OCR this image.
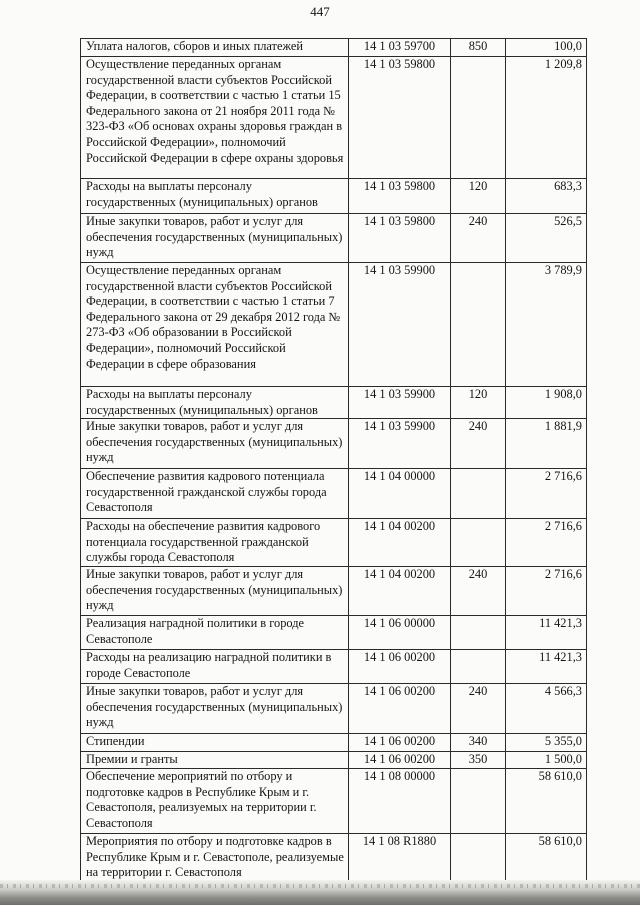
447
Уплата налогов, сборов и иных платежей	14 1 03 59700	850	100,0
Осуществление переданных органам государственной власти субъектов Российской Федерации, в соответствии с частью 1 статьи 15 Федерального закона от 21 ноября 2011 года № 323-ФЗ «Об основах охраны здоровья граждан в Российской Федерации», полномочий Российской Федерации в сфере охраны здоровья	14 1 03 59800		1 209,8
Расходы на выплаты персоналу государственных (муниципальных) органов	14 1 03 59800	120	683,3
Иные закупки товаров, работ и услуг для обеспечения государственных (муниципальных) нужд	14 1 03 59800	240	526,5
Осуществление переданных органам государственной власти субъектов Российской Федерации, в соответствии с частью 1 статьи 7 Федерального закона от 29 декабря 2012 года № 273-ФЗ «Об образовании в Российской Федерации», полномочий Российской Федерации в сфере образования	14 1 03 59900		3 789,9
Расходы на выплаты персоналу государственных (муниципальных) органов	14 1 03 59900	120	1 908,0
Иные закупки товаров, работ и услуг для обеспечения государственных (муниципальных) нужд	14 1 03 59900	240	1 881,9
Обеспечение развития кадрового потенциала государственной гражданской службы города Севастополя	14 1 04 00000		2 716,6
Расходы на обеспечение развития кадрового потенциала государственной гражданской службы города Севастополя	14 1 04 00200		2 716,6
Иные закупки товаров, работ и услуг для обеспечения государственных (муниципальных) нужд	14 1 04 00200	240	2 716,6
Реализация наградной политики в городе Севастополе	14 1 06 00000		11 421,3
Расходы на реализацию наградной политики в городе Севастополе	14 1 06 00200		11 421,3
Иные закупки товаров, работ и услуг для обеспечения государственных (муниципальных) нужд	14 1 06 00200	240	4 566,3
Стипендии	14 1 06 00200	340	5 355,0
Премии и гранты	14 1 06 00200	350	1 500,0
Обеспечение мероприятий по отбору и подготовке кадров в Республике Крым и г. Севастополя, реализуемых на территории г. Севастополя	14 1 08 00000		58 610,0
Мероприятия по отбору и подготовке кадров в Республике Крым и г. Севастополе, реализуемые на территории г. Севастополя	14 1 08 R1880		58 610,0
